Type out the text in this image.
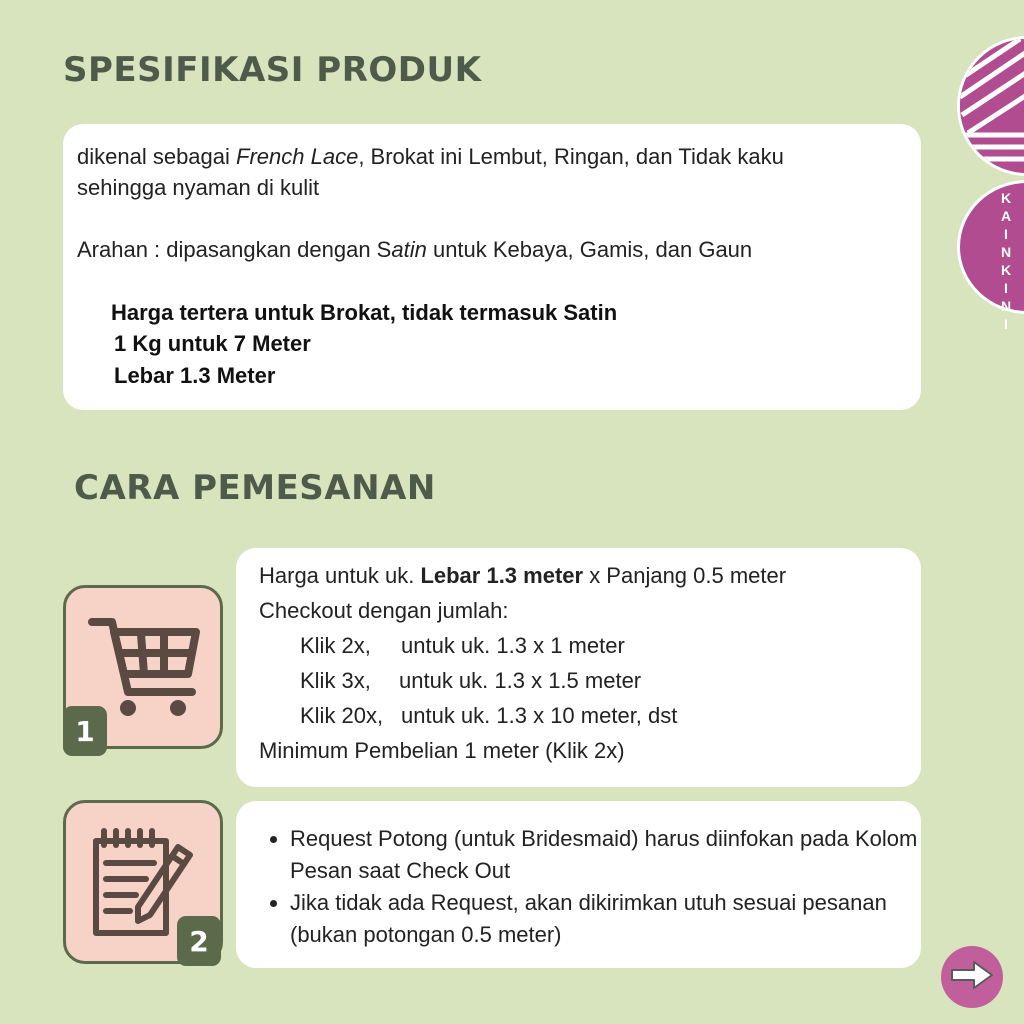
SPESIFIKASI PRODUK
dikenal sebagai French Lace, Brokat ini Lembut, Ringan, dan Tidak kaku
sehingga nyaman di kulit
Arahan : dipasangkan dengan Satin untuk Kebaya, Gamis, dan Gaun
Harga tertera untuk Brokat, tidak termasuk Satin
1 Kg untuk 7 Meter
Lebar 1.3 Meter
CARA PEMESANAN
1
Harga untuk uk. Lebar 1.3 meter x Panjang 0.5 meter
Checkout dengan jumlah:
Klik 2x, untuk uk. 1.3 x 1 meter
Klik 3x, untuk uk. 1.3 x 1.5 meter
Klik 20x, untuk uk. 1.3 x 10 meter, dst
Minimum Pembelian 1 meter (Klik 2x)
2
• Request Potong (untuk Bridesmaid) harus diinfokan pada Kolom Pesan saat Check Out
• Jika tidak ada Request, akan dikirimkan utuh sesuai pesanan (bukan potongan 0.5 meter)
KAINKINI
